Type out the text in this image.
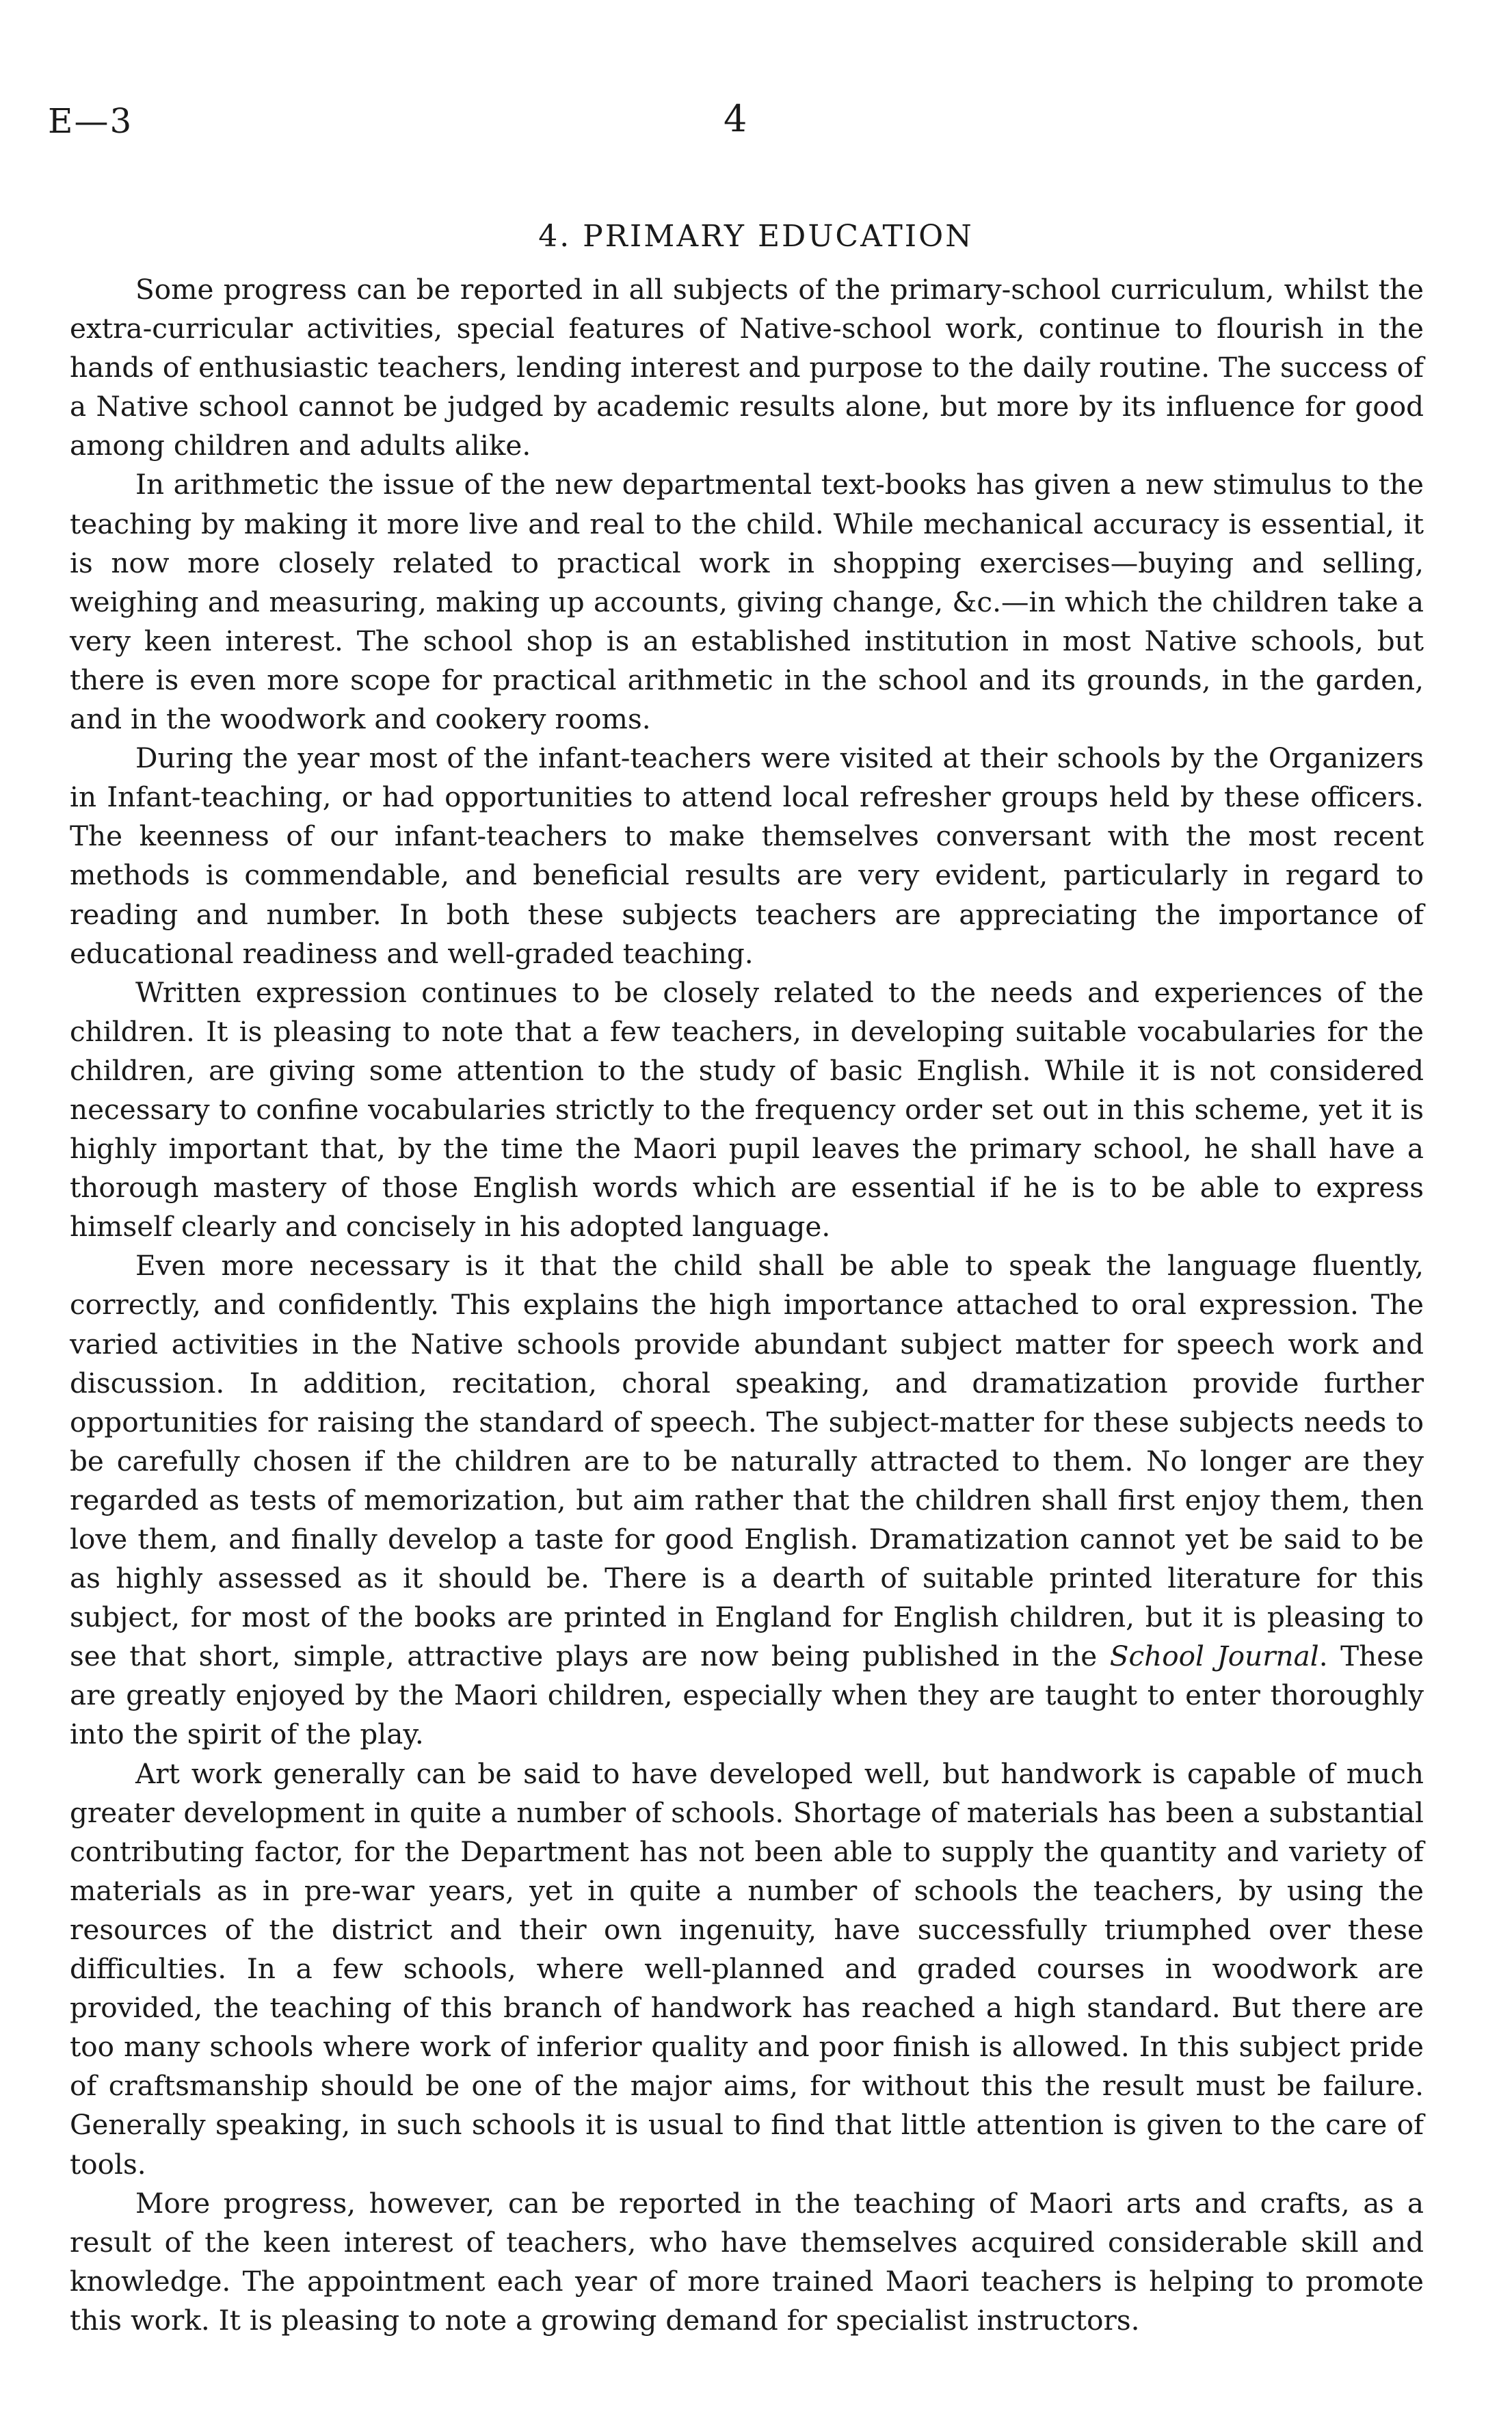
E—3	4
4. PRIMARY EDUCATION

Some progress can be reported in all subjects of the primary-school curriculum, whilst the extra-curricular activities, special features of Native-school work, continue to flourish in the hands of enthusiastic teachers, lending interest and purpose to the daily routine. The success of a Native school cannot be judged by academic results alone, but more by its influence for good among children and adults alike.

In arithmetic the issue of the new departmental text-books has given a new stimulus to the teaching by making it more live and real to the child. While mechanical accuracy is essential, it is now more closely related to practical work in shopping exercises—buying and selling, weighing and measuring, making up accounts, giving change, &c.—in which the children take a very keen interest. The school shop is an established institution in most Native schools, but there is even more scope for practical arithmetic in the school and its grounds, in the garden, and in the woodwork and cookery rooms.

During the year most of the infant-teachers were visited at their schools by the Organizers in Infant-teaching, or had opportunities to attend local refresher groups held by these officers. The keenness of our infant-teachers to make themselves conversant with the most recent methods is commendable, and beneficial results are very evident, particularly in regard to reading and number. In both these subjects teachers are appreciating the importance of educational readiness and well-graded teaching.

Written expression continues to be closely related to the needs and experiences of the children. It is pleasing to note that a few teachers, in developing suitable vocabularies for the children, are giving some attention to the study of basic English. While it is not considered necessary to confine vocabularies strictly to the frequency order set out in this scheme, yet it is highly important that, by the time the Maori pupil leaves the primary school, he shall have a thorough mastery of those English words which are essential if he is to be able to express himself clearly and concisely in his adopted language.

Even more necessary is it that the child shall be able to speak the language fluently, correctly, and confidently. This explains the high importance attached to oral expression. The varied activities in the Native schools provide abundant subject matter for speech work and discussion. In addition, recitation, choral speaking, and dramatization provide further opportunities for raising the standard of speech. The subject-matter for these subjects needs to be carefully chosen if the children are to be naturally attracted to them. No longer are they regarded as tests of memorization, but aim rather that the children shall first enjoy them, then love them, and finally develop a taste for good English. Dramatization cannot yet be said to be as highly assessed as it should be. There is a dearth of suitable printed literature for this subject, for most of the books are printed in England for English children, but it is pleasing to see that short, simple, attractive plays are now being published in the School Journal. These are greatly enjoyed by the Maori children, especially when they are taught to enter thoroughly into the spirit of the play.

Art work generally can be said to have developed well, but handwork is capable of much greater development in quite a number of schools. Shortage of materials has been a substantial contributing factor, for the Department has not been able to supply the quantity and variety of materials as in pre-war years, yet in quite a number of schools the teachers, by using the resources of the district and their own ingenuity, have successfully triumphed over these difficulties. In a few schools, where well-planned and graded courses in woodwork are provided, the teaching of this branch of handwork has reached a high standard. But there are too many schools where work of inferior quality and poor finish is allowed. In this subject pride of craftsmanship should be one of the major aims, for without this the result must be failure. Generally speaking, in such schools it is usual to find that little attention is given to the care of tools.

More progress, however, can be reported in the teaching of Maori arts and crafts, as a result of the keen interest of teachers, who have themselves acquired considerable skill and knowledge. The appointment each year of more trained Maori teachers is helping to promote this work. It is pleasing to note a growing demand for specialist instructors.
